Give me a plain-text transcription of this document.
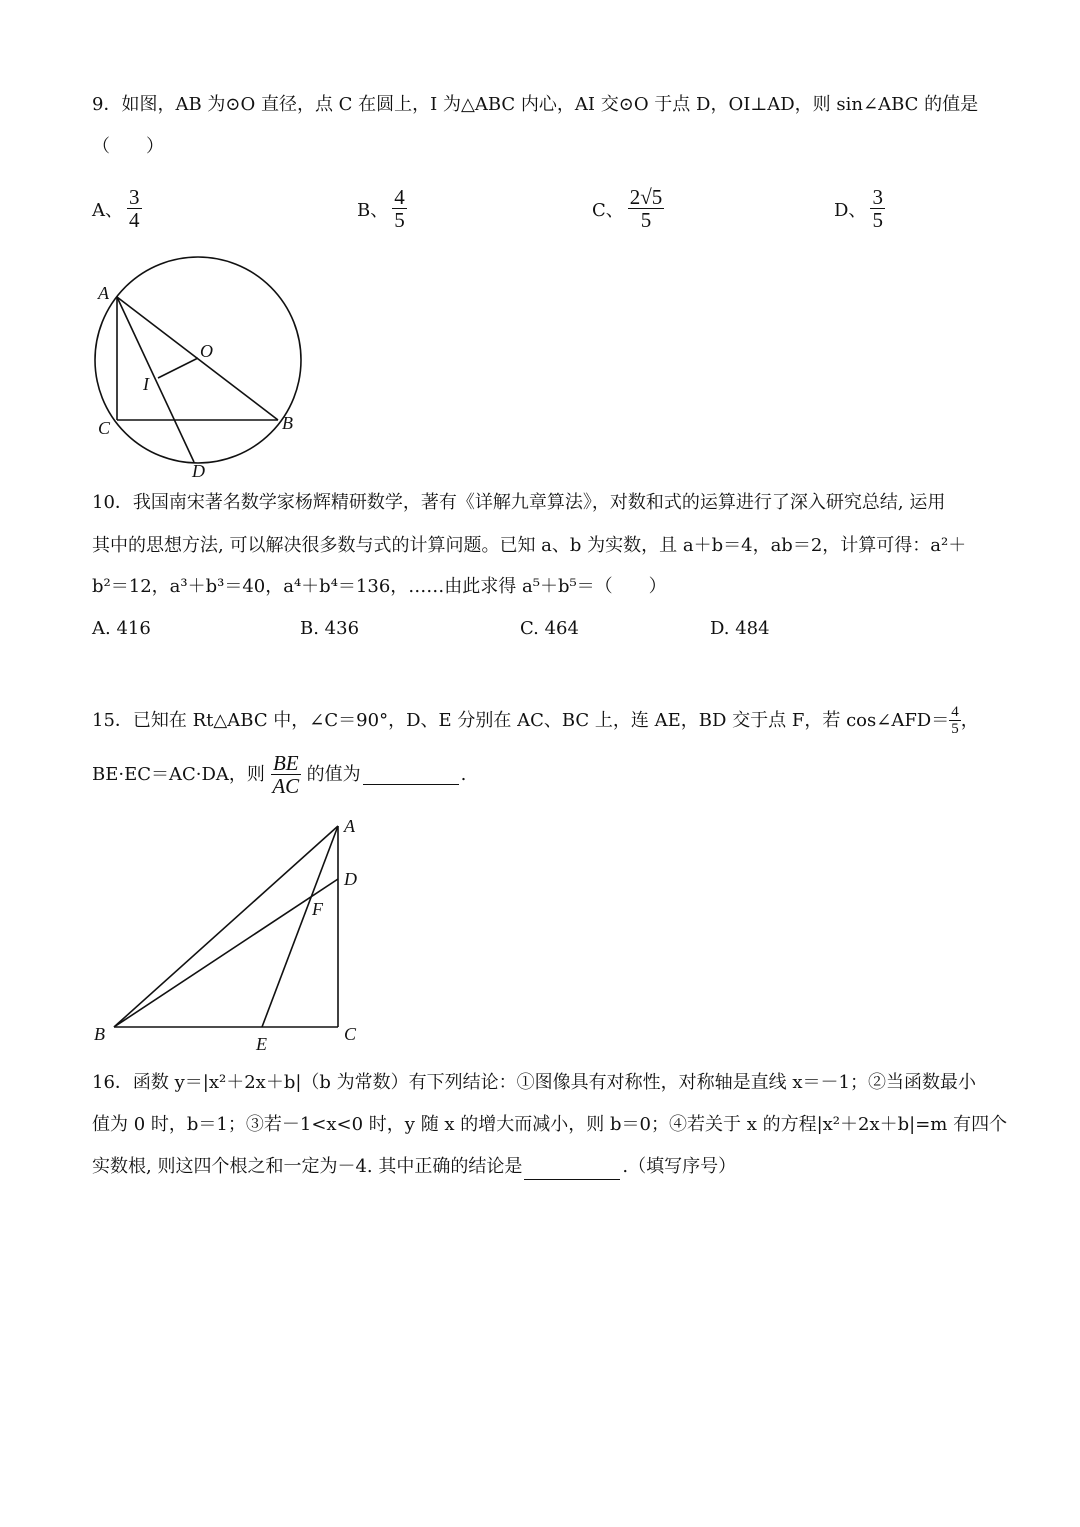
9．如图，AB 为⊙O 直径，点 C 在圆上，I 为△ABC 内心，AI 交⊙O 于点 D，OI⊥AD，则 sin∠ABC 的值是
（　　）
A、 $\frac{3}{4}$	B、 $\frac{4}{5}$	C、 $\frac{2√5}{5}$	D、 $\frac{3}{5}$
A
O
I
C	B
D
10．我国南宋著名数学家杨辉精研数学，著有《详解九章算法》，对数和式的运算进行了深入研究总结, 运用
其中的思想方法, 可以解决很多数与式的计算问题。已知 a、b 为实数，且 a＋b＝4，ab＝2，计算可得：a²＋
b²＝12，a³＋b³＝40，a⁴＋b⁴＝136，……由此求得 a⁵＋b⁵＝（　　）
A. 416	B. 436	C. 464	D. 484
15．已知在 Rt△ABC 中，∠C＝90°，D、E 分别在 AC、BC 上，连 AE，BD 交于点 F，若 cos∠AFD＝ $\frac{4}{5}$ ，
BE·EC＝AC·DA，则 $\frac{BE}{AC}$ 的值为	.
A
D
F
B	E	C
16．函数 y＝|x²＋2x＋b|（b 为常数）有下列结论：①图像具有对称性，对称轴是直线 x＝－1；②当函数最小
值为 0 时，b＝1；③若－1<x<0 时，y 随 x 的增大而减小，则 b＝0；④若关于 x 的方程|x²＋2x＋b|=m 有四个
实数根, 则这四个根之和一定为－4. 其中正确的结论是	.（填写序号）
